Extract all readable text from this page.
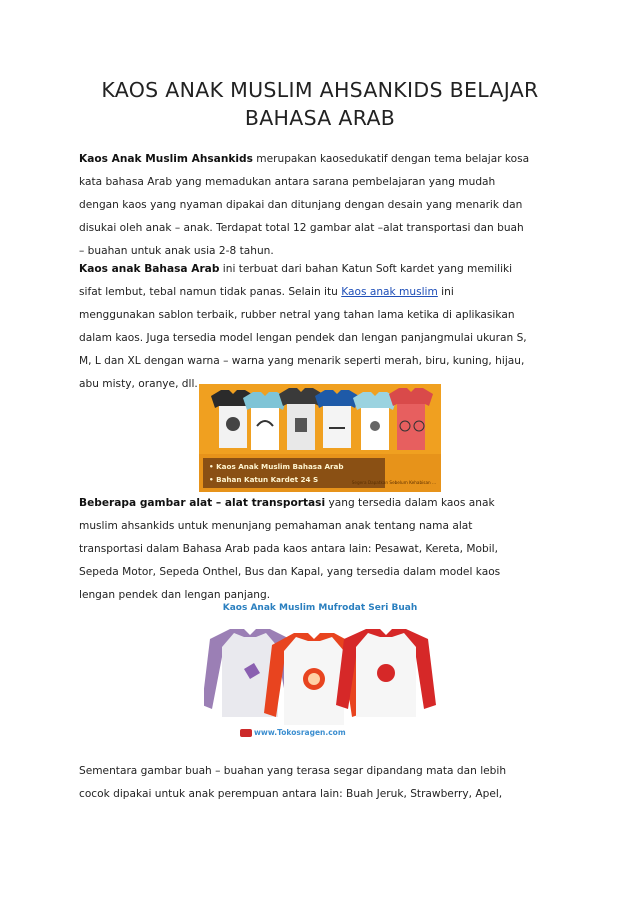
KAOS ANAK MUSLIM AHSANKIDS BELAJAR
BAHASA ARAB
Kaos Anak Muslim Ahsankids merupakan kaosedukatif dengan tema belajar kosa
kata bahasa Arab yang memadukan antara sarana pembelajaran yang mudah
dengan kaos yang nyaman dipakai dan ditunjang dengan desain yang menarik dan
disukai oleh anak – anak. Terdapat total 12 gambar alat –alat transportasi dan buah
– buahan untuk anak usia 2-8 tahun.
Kaos anak Bahasa Arab ini terbuat dari bahan Katun Soft kardet yang memiliki
sifat lembut, tebal namun tidak panas. Selain itu Kaos anak muslim ini
menggunakan sablon terbaik, rubber netral yang tahan lama ketika di aplikasikan
dalam kaos. Juga tersedia model lengan pendek dan lengan panjangmulai ukuran S,
M, L dan XL dengan warna – warna yang menarik seperti merah, biru, kuning, hijau,
abu misty, oranye, dll.
• Kaos Anak Muslim Bahasa Arab
• Bahan Katun Kardet 24 S	Segera Dapatkan Sebelum Kehabisan ...
Beberapa gambar alat – alat transportasi yang tersedia dalam kaos anak
muslim ahsankids untuk menunjang pemahaman anak tentang nama alat
transportasi dalam Bahasa Arab pada kaos antara lain: Pesawat, Kereta, Mobil,
Sepeda Motor, Sepeda Onthel, Bus dan Kapal, yang tersedia dalam model kaos
lengan pendek dan lengan panjang.
Kaos Anak Muslim Mufrodat Seri Buah
www.Tokosragen.com
Sementara gambar buah – buahan yang terasa segar dipandang mata dan lebih
cocok dipakai untuk anak perempuan antara lain: Buah Jeruk, Strawberry, Apel,
